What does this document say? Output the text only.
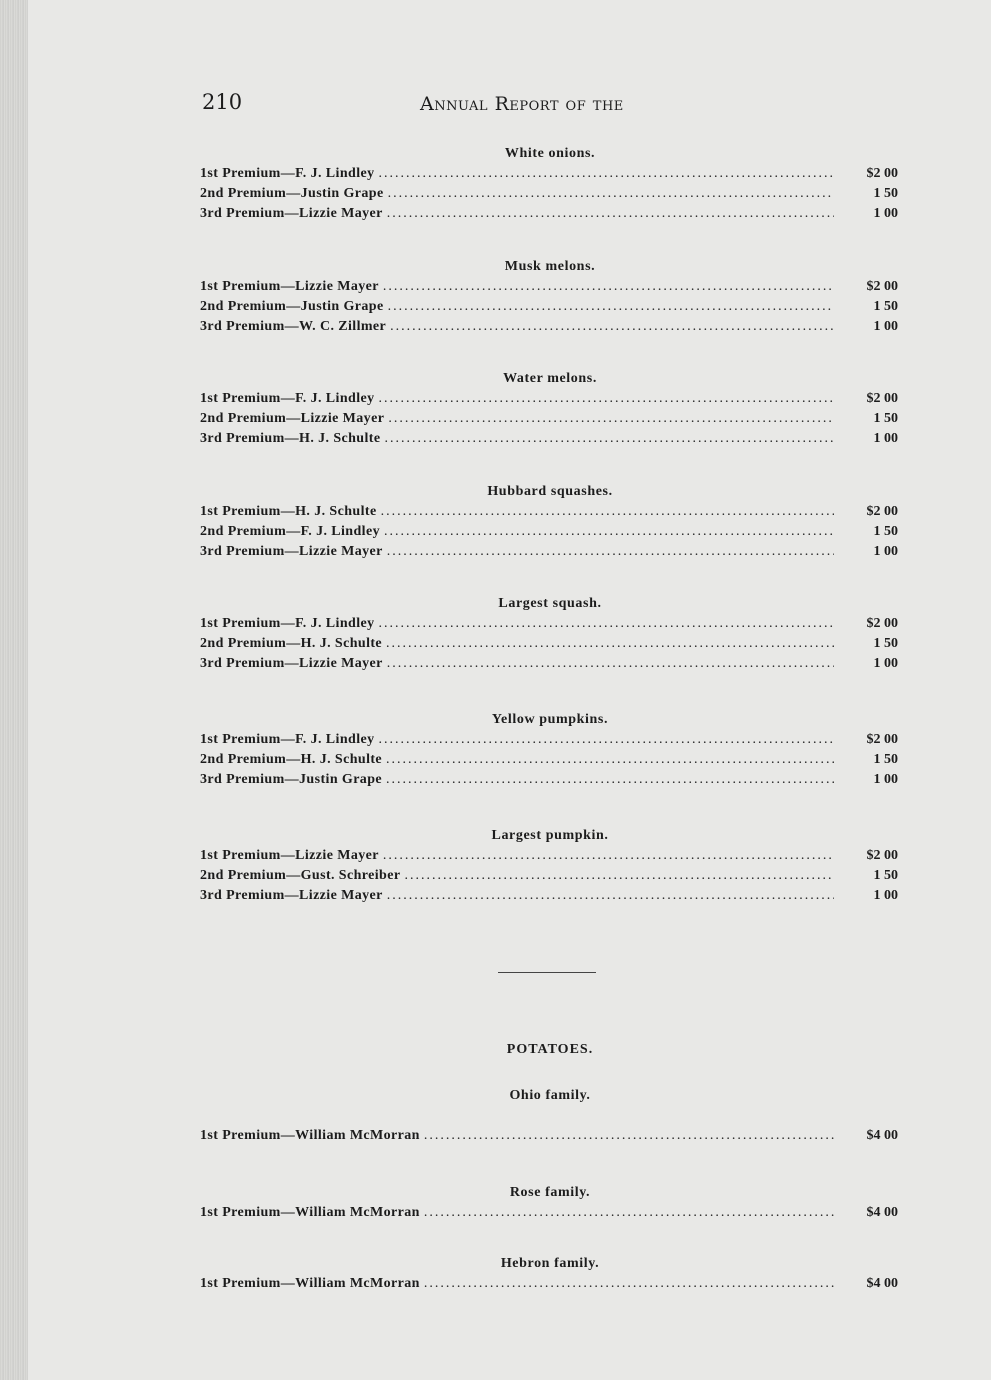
210	Annual Report of the
White onions.
1st Premium—F. J. Lindley .....	$2 00
2nd Premium—Justin Grape .....	1 50
3rd Premium—Lizzie Mayer .....	1 00
Musk melons.
1st Premium—Lizzie Mayer .....	$2 00
2nd Premium—Justin Grape .....	1 50
3rd Premium—W. C. Zillmer .....	1 00
Water melons.
1st Premium—F. J. Lindley .....	$2 00
2nd Premium—Lizzie Mayer .....	1 50
3rd Premium—H. J. Schulte .....	1 00
Hubbard squashes.
1st Premium—H. J. Schulte .....	$2 00
2nd Premium—F. J. Lindley .....	1 50
3rd Premium—Lizzie Mayer .....	1 00
Largest squash.
1st Premium—F. J. Lindley .....	$2 00
2nd Premium—H. J. Schulte .....	1 50
3rd Premium—Lizzie Mayer .....	1 00
Yellow pumpkins.
1st Premium—F. J. Lindley .....	$2 00
2nd Premium—H. J. Schulte .....	1 50
3rd Premium—Justin Grape .....	1 00
Largest pumpkin.
1st Premium—Lizzie Mayer .....	$2 00
2nd Premium—Gust. Schreiber .....	1 50
3rd Premium—Lizzie Mayer .....	1 00
POTATOES.
Ohio family.
1st Premium—William McMorran .....	$4 00
Rose family.
1st Premium—William McMorran .....	$4 00
Hebron family.
1st Premium—William McMorran .....	$4 00
